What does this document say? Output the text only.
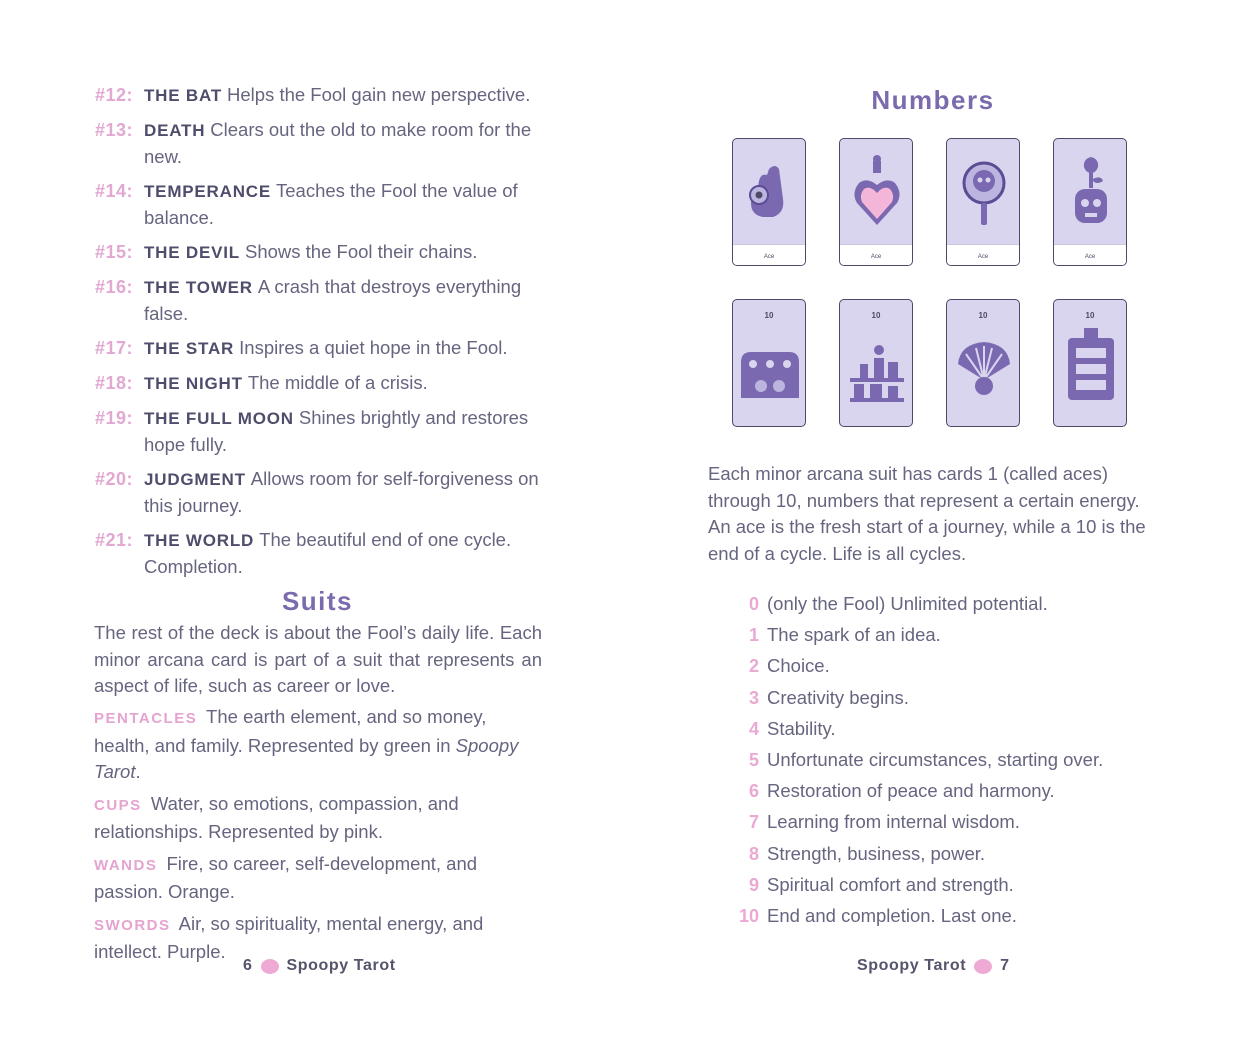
#12: THE BAT Helps the Fool gain new perspective.
#13: DEATH Clears out the old to make room for the new.
#14: TEMPERANCE Teaches the Fool the value of balance.
#15: THE DEVIL Shows the Fool their chains.
#16: THE TOWER A crash that destroys everything false.
#17: THE STAR Inspires a quiet hope in the Fool.
#18: THE NIGHT The middle of a crisis.
#19: THE FULL MOON Shines brightly and restores hope fully.
#20: JUDGMENT Allows room for self-forgiveness on this journey.
#21: THE WORLD The beautiful end of one cycle. Completion.
Suits
The rest of the deck is about the Fool’s daily life. Each minor arcana card is part of a suit that represents an aspect of life, such as career or love.
PENTACLES The earth element, and so money, health, and family. Represented by green in Spoopy Tarot.
CUPS Water, so emotions, compassion, and relationships. Represented by pink.
WANDS Fire, so career, self-development, and passion. Orange.
SWORDS Air, so spirituality, mental energy, and intellect. Purple.
6 Spoopy Tarot
Numbers
Ace	Ace	Ace	Ace
10	10	10	10
Each minor arcana suit has cards 1 (called aces) through 10, numbers that represent a certain energy. An ace is the fresh start of a journey, while a 10 is the end of a cycle. Life is all cycles.
0 (only the Fool) Unlimited potential.
1 The spark of an idea.
2 Choice.
3 Creativity begins.
4 Stability.
5 Unfortunate circumstances, starting over.
6 Restoration of peace and harmony.
7 Learning from internal wisdom.
8 Strength, business, power.
9 Spiritual comfort and strength.
10 End and completion. Last one.
Spoopy Tarot 7
